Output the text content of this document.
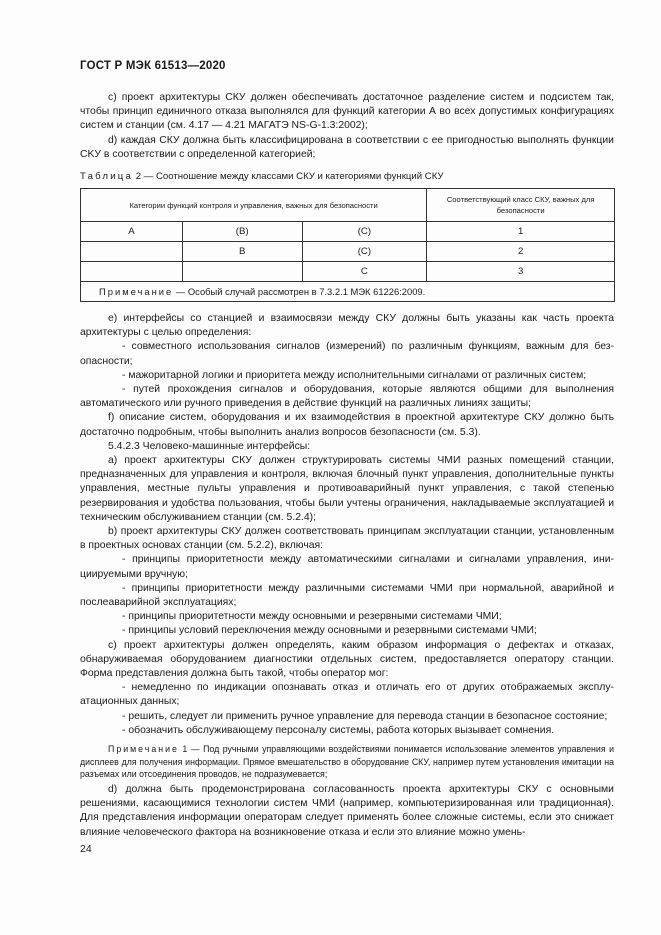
ГОСТ Р МЭК 61513—2020

c) проект архитектуры СКУ должен обеспечивать достаточное разделение систем и подсистем так, чтобы принцип единичного отказа выполнялся для функций категории А во всех допустимых конфигурациях систем и станции (см. 4.17 — 4.21 МАГАТЭ NS-G-1.3:2002);

d) каждая СКУ должна быть классифицирована в соответствии с ее пригодностью выполнять функции CKУ в соответствии с определенной категорией;

Таблица 2 — Соотношение между классами СКУ и категориями функций СКУ
Категории функций контроля и управления, важных для безопасности			Соответствующий класс СКУ, важных для безопасности
A	(B)	(C)	1
	B	(C)	2
		C	3
Примечание — Особый случай рассмотрен в 7.3.2.1 МЭК 61226:2009.			

e) интерфейсы со станцией и взаимосвязи между СКУ должны быть указаны как часть проекта архитектуры с целью определения:

- совместного использования сигналов (измерений) по различным функциям, важным для безопасности;

- мажоритарной логики и приоритета между исполнительными сигналами от различных систем;

- путей прохождения сигналов и оборудования, которые являются общими для выполнения автоматического или ручного приведения в действие функций на различных линиях защиты;

f) описание систем, оборудования и их взаимодействия в проектной архитектуре СКУ должно быть достаточно подробным, чтобы выполнить анализ вопросов безопасности (см. 5.3).

5.4.2.3 Человеко-машинные интерфейсы:

a) проект архитектуры СКУ должен структурировать системы ЧМИ разных помещений станции, предназначенных для управления и контроля, включая блочный пункт управления, дополнительные пункты управления, местные пульты управления и противоаварийный пункт управления, с такой степенью резервирования и удобства пользования, чтобы были учтены ограничения, накладываемые эксплуатацией и техническим обслуживанием станции (см. 5.2.4);

b) проект архитектуры СКУ должен соответствовать принципам эксплуатации станции, установленным в проектных основах станции (см. 5.2.2), включая:

- принципы приоритетности между автоматическими сигналами и сигналами управления, инициируемыми вручную;

- принципы приоритетности между различными системами ЧМИ при нормальной, аварийной и послеаварийной эксплуатациях;

- принципы приоритетности между основными и резервными системами ЧМИ;

- принципы условий переключения между основными и резервными системами ЧМИ;

c) проект архитектуры должен определять, каким образом информация о дефектах и отказах, обнаруживаемая оборудованием диагностики отдельных систем, предоставляется оператору станции. Форма представления должна быть такой, чтобы оператор мог:

- немедленно по индикации опознавать отказ и отличать его от других отображаемых эксплуатационных данных;

- решить, следует ли применить ручное управление для перевода станции в безопасное состояние;

- обозначить обслуживающему персоналу системы, работа которых вызывает сомнения.

Примечание 1 — Под ручными управляющими воздействиями понимается использование элементов управления и дисплеев для получения информации. Прямое вмешательство в оборудование СКУ, например путем установления имитации на разъемах или отсоединения проводов, не подразумевается;

d) должна быть продемонстрирована согласованность проекта архитектуры СКУ с основными решениями, касающимися технологии систем ЧМИ (например, компьютеризированная или традиционная). Для представления информации операторам следует применять более сложные системы, если это снижает влияние человеческого фактора на возникновение отказа и если это влияние можно умень-

24
